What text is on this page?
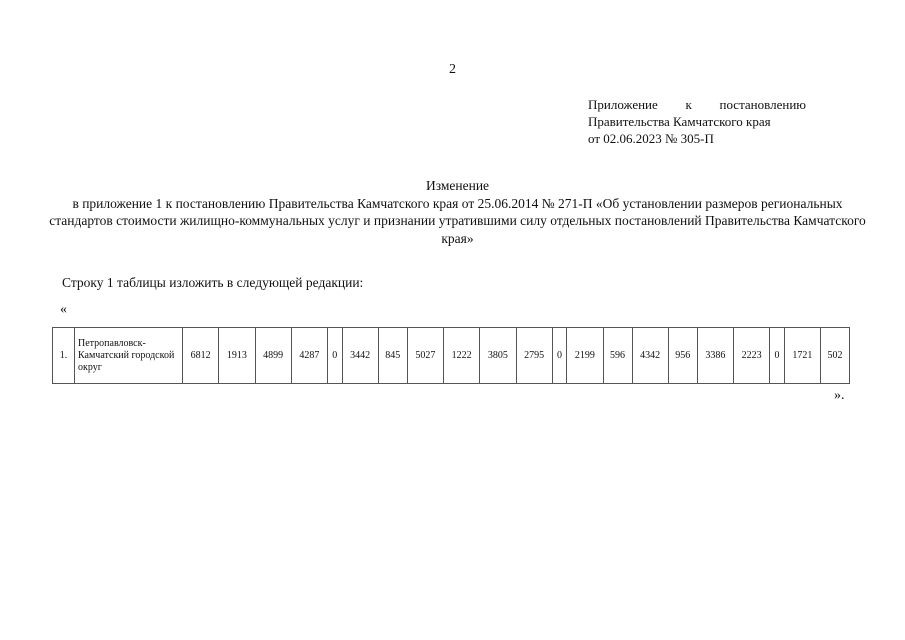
2
Приложение к постановлению
Правительства Камчатского края
от 02.06.2023 № 305-П
Изменение
в приложение 1 к постановлению Правительства Камчатского края от 25.06.2014 № 271-П «Об установлении размеров региональных стандартов стоимости жилищно-коммунальных услуг и признании утратившими силу отдельных постановлений Правительства Камчатского края»
Строку 1 таблицы изложить в следующей редакции:
«
1.	Петропавловск-Камчатский городской округ	6812	1913	4899	4287	0	3442	845	5027	1222	3805	2795	0	2199	596	4342	956	3386	2223	0	1721	502
».
